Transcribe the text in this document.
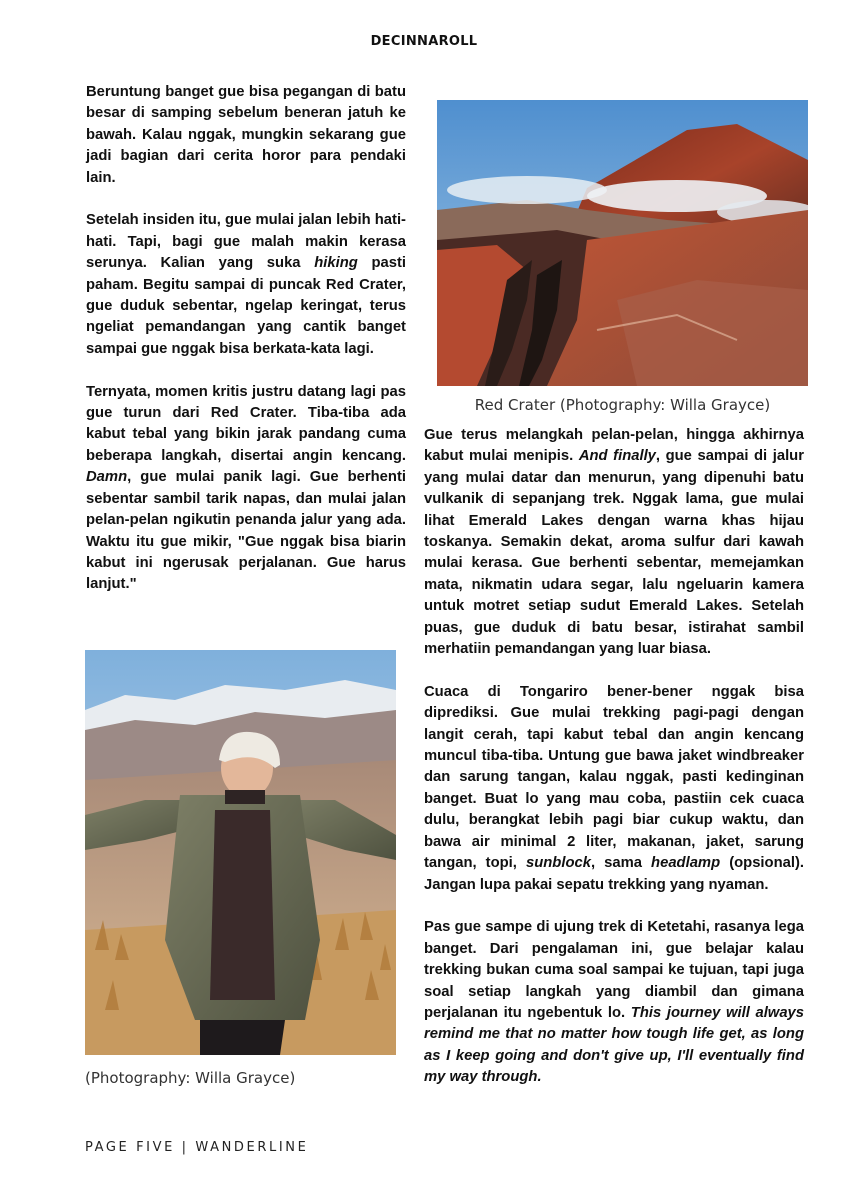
DECINNAROLL

Beruntung banget gue bisa pegangan di batu besar di samping sebelum beneran jatuh ke bawah. Kalau nggak, mungkin sekarang gue jadi bagian dari cerita horor para pendaki lain.

Setelah insiden itu, gue mulai jalan lebih hati-hati. Tapi, bagi gue malah makin kerasa serunya. Kalian yang suka hiking pasti paham. Begitu sampai di puncak Red Crater, gue duduk sebentar, ngelap keringat, terus ngeliat pemandangan yang cantik banget sampai gue nggak bisa berkata-kata lagi.

Ternyata, momen kritis justru datang lagi pas gue turun dari Red Crater. Tiba-tiba ada kabut tebal yang bikin jarak pandang cuma beberapa langkah, disertai angin kencang. Damn, gue mulai panik lagi. Gue berhenti sebentar sambil tarik napas, dan mulai jalan pelan-pelan ngikutin penanda jalur yang ada. Waktu itu gue mikir, "Gue nggak bisa biarin kabut ini ngerusak perjalanan. Gue harus lanjut."

Red Crater (Photography: Willa Grayce)

Gue terus melangkah pelan-pelan, hingga akhirnya kabut mulai menipis. And finally, gue sampai di jalur yang mulai datar dan menurun, yang dipenuhi batu vulkanik di sepanjang trek. Nggak lama, gue mulai lihat Emerald Lakes dengan warna khas hijau toskanya. Semakin dekat, aroma sulfur dari kawah mulai kerasa. Gue berhenti sebentar, memejamkan mata, nikmatin udara segar, lalu ngeluarin kamera untuk motret setiap sudut Emerald Lakes. Setelah puas, gue duduk di batu besar, istirahat sambil merhatiin pemandangan yang luar biasa.

Cuaca di Tongariro bener-bener nggak bisa diprediksi. Gue mulai trekking pagi-pagi dengan langit cerah, tapi kabut tebal dan angin kencang muncul tiba-tiba. Untung gue bawa jaket windbreaker dan sarung tangan, kalau nggak, pasti kedinginan banget. Buat lo yang mau coba, pastiin cek cuaca dulu, berangkat lebih pagi biar cukup waktu, dan bawa air minimal 2 liter, makanan, jaket, sarung tangan, topi, sunblock, sama headlamp (opsional). Jangan lupa pakai sepatu trekking yang nyaman.

Pas gue sampe di ujung trek di Ketetahi, rasanya lega banget. Dari pengalaman ini, gue belajar kalau trekking bukan cuma soal sampai ke tujuan, tapi juga soal setiap langkah yang diambil dan gimana perjalanan itu ngebentuk lo. This journey will always remind me that no matter how tough life get, as long as I keep going and don't give up, I'll eventually find my way through.

(Photography: Willa Grayce)
PAGE FIVE | WANDERLINE
